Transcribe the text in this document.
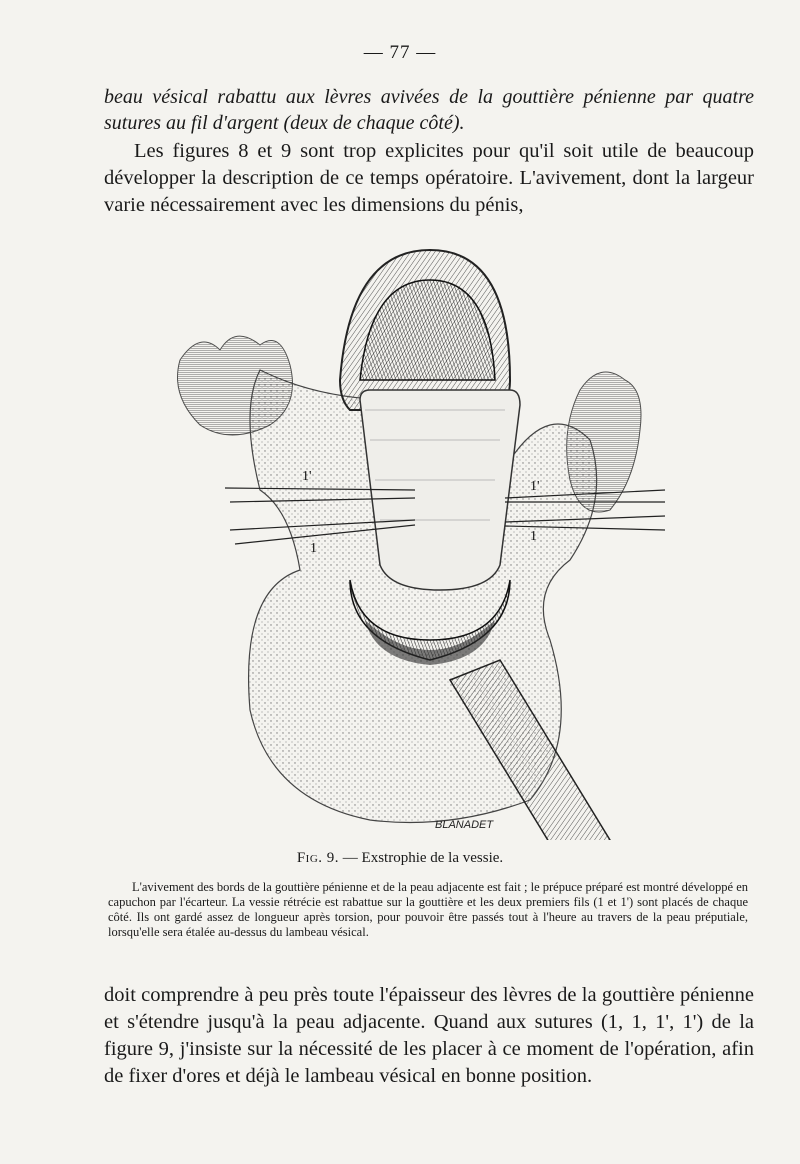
— 77 —
beau vésical rabattu aux lèvres avivées de la gouttière pénienne par quatre sutures au fil d'argent (deux de chaque côté).
Les figures 8 et 9 sont trop explicites pour qu'il soit utile de beaucoup développer la description de ce temps opératoire. L'avivement, dont la largeur varie nécessairement avec les dimensions du pénis,
1'
1
1'
1
BLANADET
Fig. 9. — Exstrophie de la vessie.
L'avivement des bords de la gouttière pénienne et de la peau adjacente est fait ; le prépuce préparé est montré développé en capuchon par l'écarteur. La vessie rétrécie est rabattue sur la gouttière et les deux premiers fils (1 et 1') sont placés de chaque côté. Ils ont gardé assez de longueur après torsion, pour pouvoir être passés tout à l'heure au travers de la peau préputiale, lorsqu'elle sera étalée au-dessus du lambeau vésical.
doit comprendre à peu près toute l'épaisseur des lèvres de la gouttière pénienne et s'étendre jusqu'à la peau adjacente. Quand aux sutures (1, 1, 1', 1') de la figure 9, j'insiste sur la nécessité de les placer à ce moment de l'opération, afin de fixer d'ores et déjà le lambeau vésical en bonne position.
